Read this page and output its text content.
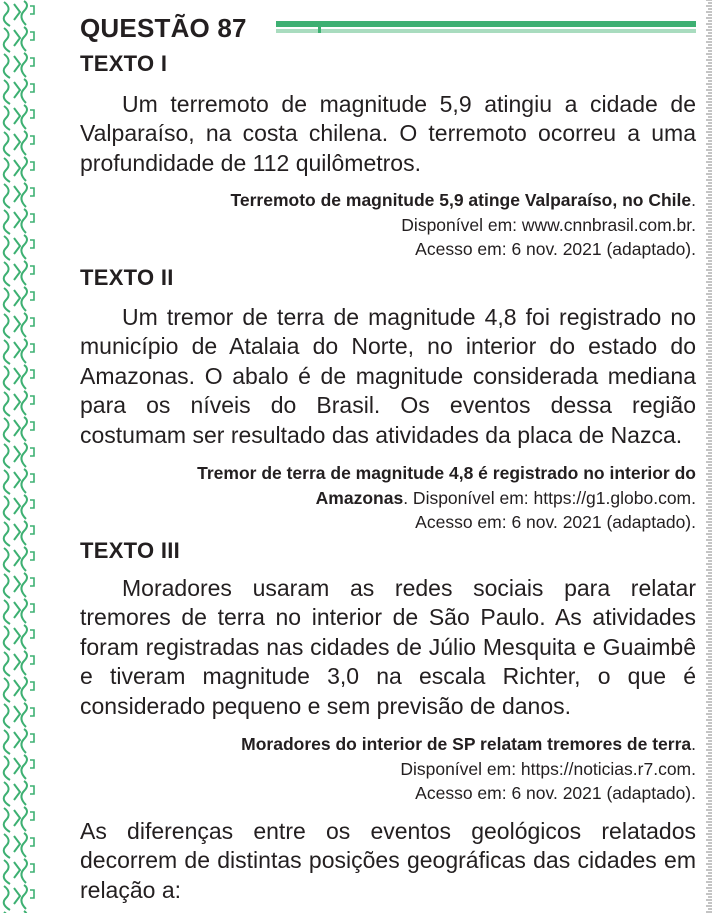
QUESTÃO 87
TEXTO I
Um terremoto de magnitude 5,9 atingiu a cidade de Valparaíso, na costa chilena. O terremoto ocorreu a uma profundidade de 112 quilômetros.
Terremoto de magnitude 5,9 atinge Valparaíso, no Chile.
Disponível em: www.cnnbrasil.com.br.
Acesso em: 6 nov. 2021 (adaptado).
TEXTO II
Um tremor de terra de magnitude 4,8 foi registrado no município de Atalaia do Norte, no interior do estado do Amazonas. O abalo é de magnitude considerada mediana para os níveis do Brasil. Os eventos dessa região costumam ser resultado das atividades da placa de Nazca.
Tremor de terra de magnitude 4,8 é registrado no interior do
Amazonas. Disponível em: https://g1.globo.com.
Acesso em: 6 nov. 2021 (adaptado).
TEXTO III
Moradores usaram as redes sociais para relatar tremores de terra no interior de São Paulo. As atividades foram registradas nas cidades de Júlio Mesquita e Guaimbê e tiveram magnitude 3,0 na escala Richter, o que é considerado pequeno e sem previsão de danos.
Moradores do interior de SP relatam tremores de terra.
Disponível em: https://noticias.r7.com.
Acesso em: 6 nov. 2021 (adaptado).
As diferenças entre os eventos geológicos relatados decorrem de distintas posições geográficas das cidades em relação a:
